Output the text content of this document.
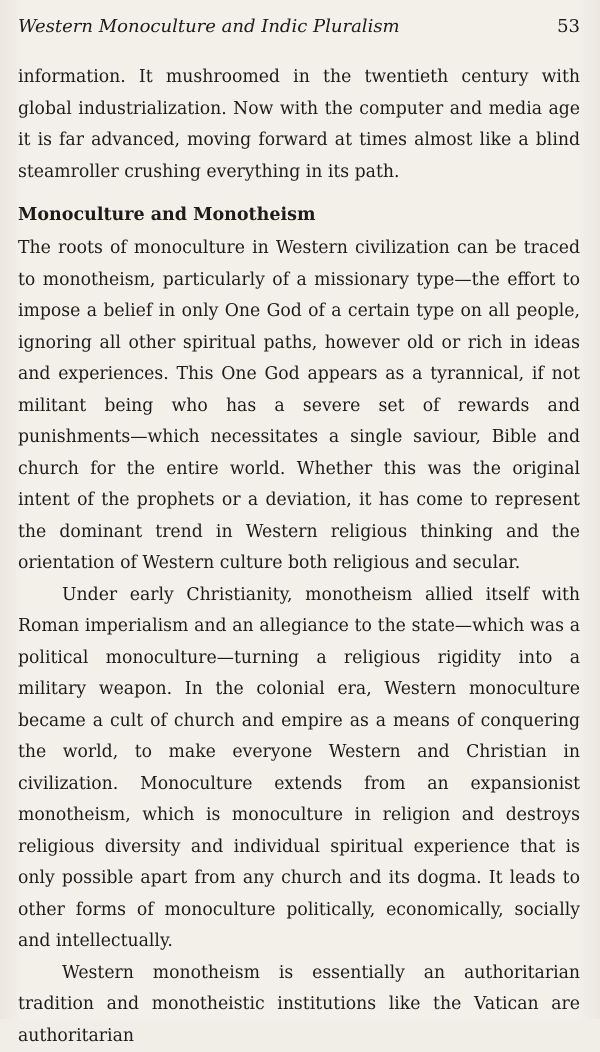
Western Monoculture and Indic Pluralism	53

information. It mushroomed in the twentieth century with global industrialization. Now with the computer and media age it is far advanced, moving forward at times almost like a blind steamroller crushing everything in its path.

Monoculture and Monotheism

The roots of monoculture in Western civilization can be traced to monotheism, particularly of a missionary type—the effort to impose a belief in only One God of a certain type on all people, ignoring all other spiritual paths, however old or rich in ideas and experiences. This One God appears as a tyrannical, if not militant being who has a severe set of rewards and punishments—which necessitates a single saviour, Bible and church for the entire world. Whether this was the original intent of the prophets or a deviation, it has come to represent the dominant trend in Western religious thinking and the orientation of Western culture both religious and secular.

Under early Christianity, monotheism allied itself with Roman imperialism and an allegiance to the state—which was a political monoculture—turning a religious rigidity into a military weapon. In the colonial era, Western monoculture became a cult of church and empire as a means of conquering the world, to make everyone Western and Christian in civilization. Monoculture extends from an expansionist monotheism, which is monoculture in religion and destroys religious diversity and individual spiritual experience that is only possible apart from any church and its dogma. It leads to other forms of monoculture politically, economically, socially and intellectually.

Western monotheism is essentially an authoritarian tradition and monotheistic institutions like the Vatican are authoritarian
